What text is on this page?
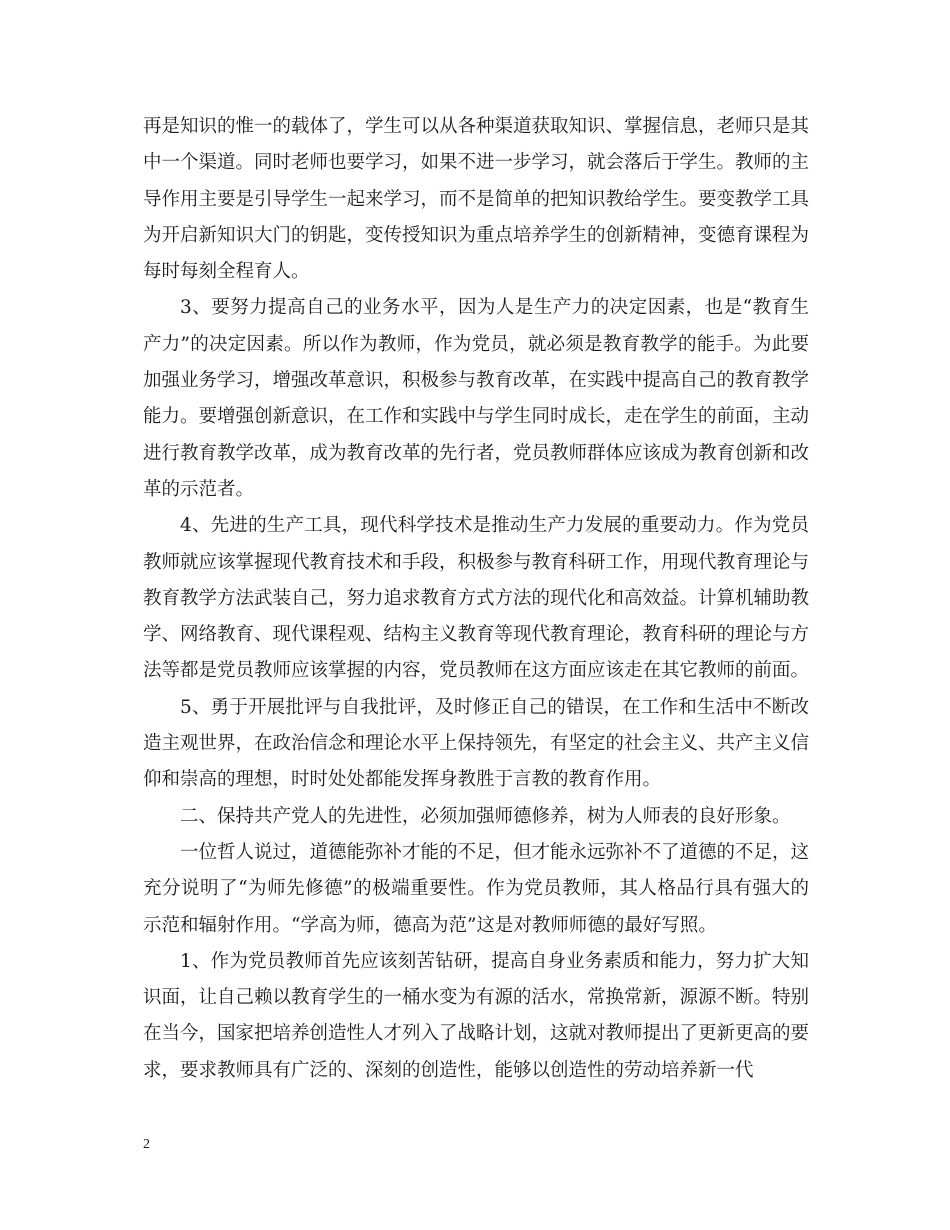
再是知识的惟一的载体了，学生可以从各种渠道获取知识、掌握信息，老师只是其中一个渠道。同时老师也要学习，如果不进一步学习，就会落后于学生。教师的主导作用主要是引导学生一起来学习，而不是简单的把知识教给学生。要变教学工具为开启新知识大门的钥匙，变传授知识为重点培养学生的创新精神，变德育课程为每时每刻全程育人。

3、要努力提高自己的业务水平，因为人是生产力的决定因素，也是“教育生产力”的决定因素。所以作为教师，作为党员，就必须是教育教学的能手。为此要加强业务学习，增强改革意识，积极参与教育改革，在实践中提高自己的教育教学能力。要增强创新意识，在工作和实践中与学生同时成长，走在学生的前面，主动进行教育教学改革，成为教育改革的先行者，党员教师群体应该成为教育创新和改革的示范者。

4、先进的生产工具，现代科学技术是推动生产力发展的重要动力。作为党员教师就应该掌握现代教育技术和手段，积极参与教育科研工作，用现代教育理论与教育教学方法武装自己，努力追求教育方式方法的现代化和高效益。计算机辅助教学、网络教育、现代课程观、结构主义教育等现代教育理论，教育科研的理论与方法等都是党员教师应该掌握的内容，党员教师在这方面应该走在其它教师的前面。

5、勇于开展批评与自我批评，及时修正自己的错误，在工作和生活中不断改造主观世界，在政治信念和理论水平上保持领先，有坚定的社会主义、共产主义信仰和崇高的理想，时时处处都能发挥身教胜于言教的教育作用。

二、保持共产党人的先进性，必须加强师德修养，树为人师表的良好形象。

一位哲人说过，道德能弥补才能的不足，但才能永远弥补不了道德的不足，这充分说明了“为师先修德”的极端重要性。作为党员教师，其人格品行具有强大的示范和辐射作用。“学高为师，德高为范”这是对教师师德的最好写照。

1、作为党员教师首先应该刻苦钻研，提高自身业务素质和能力，努力扩大知识面，让自己赖以教育学生的一桶水变为有源的活水，常换常新，源源不断。特别在当今，国家把培养创造性人才列入了战略计划，这就对教师提出了更新更高的要求，要求教师具有广泛的、深刻的创造性，能够以创造性的劳动培养新一代

2
